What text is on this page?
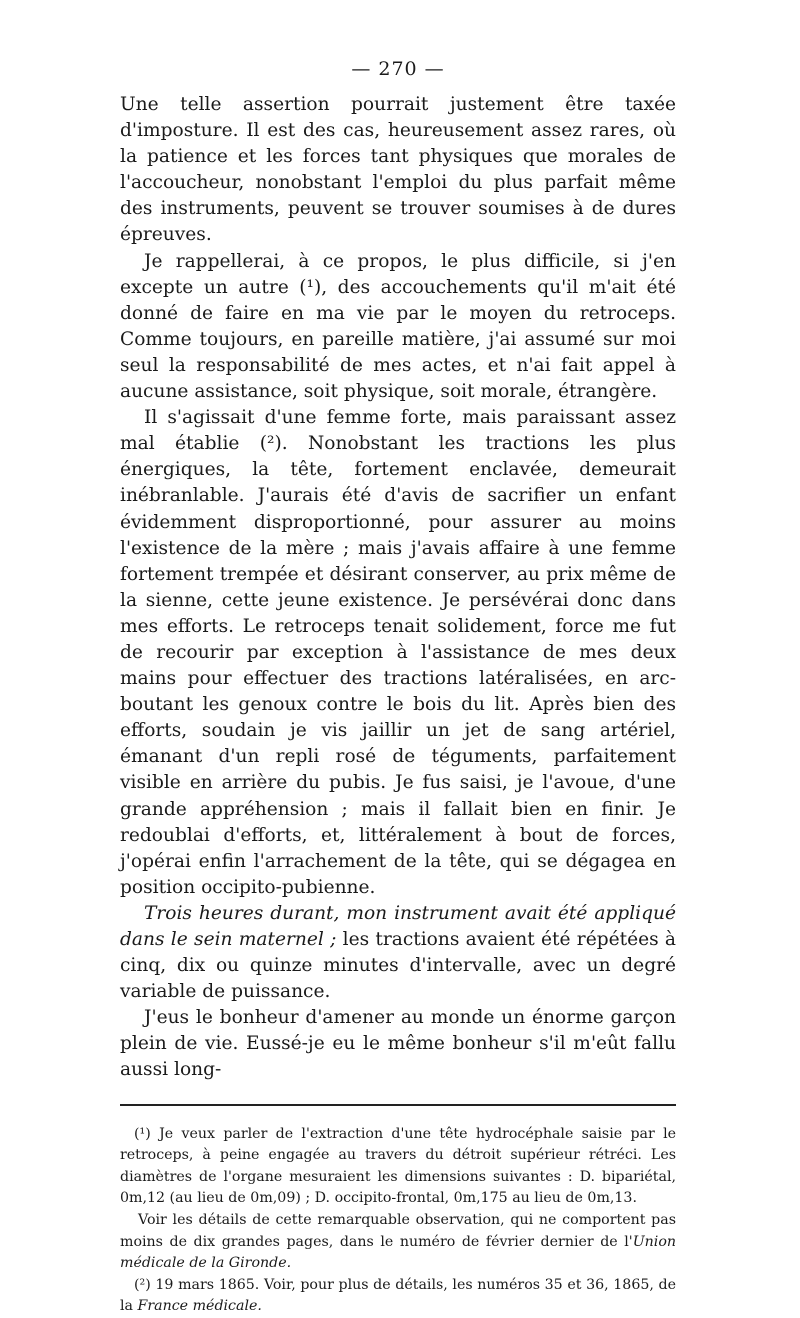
— 270 —

Une telle assertion pourrait justement être taxée d'imposture. Il est des cas, heureusement assez rares, où la patience et les forces tant physiques que morales de l'accoucheur, nonobstant l'emploi du plus parfait même des instruments, peuvent se trouver soumises à de dures épreuves.

Je rappellerai, à ce propos, le plus difficile, si j'en excepte un autre (¹), des accouchements qu'il m'ait été donné de faire en ma vie par le moyen du retroceps. Comme toujours, en pareille matière, j'ai assumé sur moi seul la responsabilité de mes actes, et n'ai fait appel à aucune assistance, soit physique, soit morale, étrangère.

Il s'agissait d'une femme forte, mais paraissant assez mal établie (²). Nonobstant les tractions les plus énergiques, la tête, fortement enclavée, demeurait inébranlable. J'aurais été d'avis de sacrifier un enfant évidemment disproportionné, pour assurer au moins l'existence de la mère ; mais j'avais affaire à une femme fortement trempée et désirant conserver, au prix même de la sienne, cette jeune existence. Je persévérai donc dans mes efforts. Le retroceps tenait solidement, force me fut de recourir par exception à l'assistance de mes deux mains pour effectuer des tractions latéralisées, en arc-boutant les genoux contre le bois du lit. Après bien des efforts, soudain je vis jaillir un jet de sang artériel, émanant d'un repli rosé de téguments, parfaitement visible en arrière du pubis. Je fus saisi, je l'avoue, d'une grande appréhension ; mais il fallait bien en finir. Je redoublai d'efforts, et, littéralement à bout de forces, j'opérai enfin l'arrachement de la tête, qui se dégagea en position occipito-pubienne.

Trois heures durant, mon instrument avait été appliqué dans le sein maternel ; les tractions avaient été répétées à cinq, dix ou quinze minutes d'intervalle, avec un degré variable de puissance.

J'eus le bonheur d'amener au monde un énorme garçon plein de vie. Eussé-je eu le même bonheur s'il m'eût fallu aussi long-

(¹) Je veux parler de l'extraction d'une tête hydrocéphale saisie par le retroceps, à peine engagée au travers du détroit supérieur rétréci. Les diamètres de l'organe mesuraient les dimensions suivantes : D. bipariétal, 0m,12 (au lieu de 0m,09) ; D. occipito-frontal, 0m,175 au lieu de 0m,13.

Voir les détails de cette remarquable observation, qui ne comportent pas moins de dix grandes pages, dans le numéro de février dernier de l'Union médicale de la Gironde.

(²) 19 mars 1865. Voir, pour plus de détails, les numéros 35 et 36, 1865, de la France médicale.
